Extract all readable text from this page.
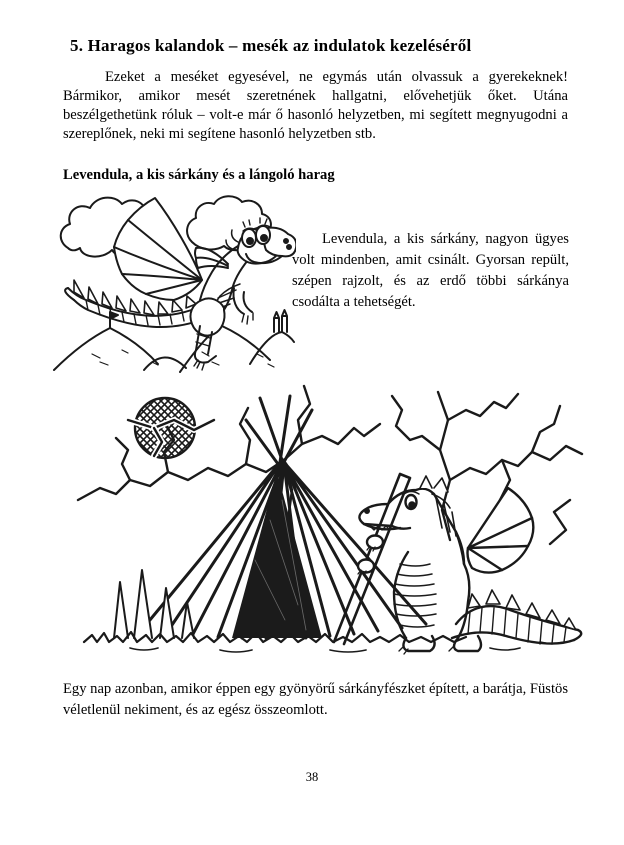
5. Haragos kalandok – mesék az indulatok kezeléséről

Ezeket a meséket egyesével, ne egymás után olvassuk a gyerekeknek! Bármikor, amikor mesét szeretnének hallgatni, elővehetjük őket. Utána beszélgethetünk róluk – volt-e már ő hasonló helyzetben, mi segített megnyugodni a szereplőnek, neki mi segítene hasonló helyzetben stb.

Levendula, a kis sárkány és a lángoló harag

Levendula, a kis sárkány, nagyon ügyes volt mindenben, amit csinált. Gyorsan repült, szépen rajzolt, és az erdő többi sárkánya csodálta a tehetségét.

Egy nap azonban, amikor éppen egy gyönyörű sárkányfészket épített, a barátja, Füstös véletlenül nekiment, és az egész összeomlott.

38
